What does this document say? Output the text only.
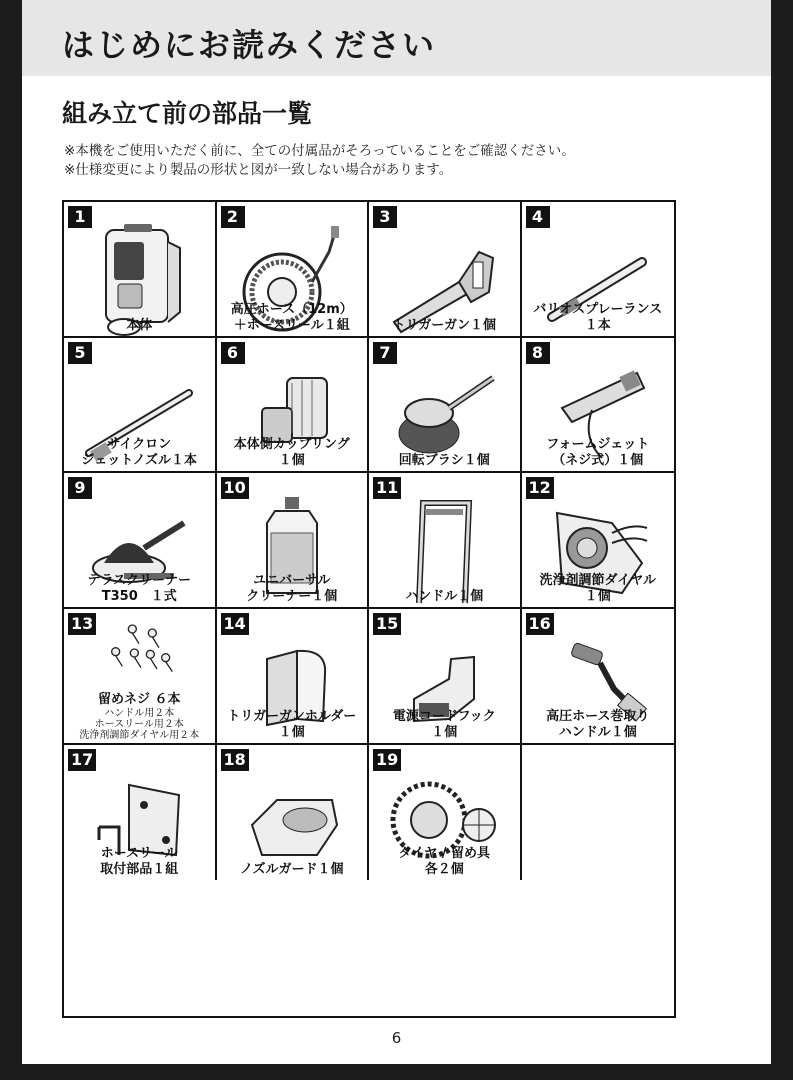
はじめにお読みください
組み立て前の部品一覧
※本機をご使用いただく前に、全ての付属品がそろっていることをご確認ください。
※仕様変更により製品の形状と図が一致しない場合があります。
1
本体
2
高圧ホース（12m）
＋ホースリール１組
3
トリガーガン１個
4
バリオスプレーランス
１本
5
サイクロン
ジェットノズル１本
6
本体側カップリング
１個
7
回転ブラシ１個
8
フォームジェット
（ネジ式）１個
9
テラスクリーナー
T350　１式
10
ユニバーサル
クリーナー１個
11
ハンドル１個
12
洗浄剤調節ダイヤル
１個
13
留めネジ ６本
ハンドル用２本
ホースリール用２本
洗浄剤調節ダイヤル用２本
14
トリガーガンホルダー
１個
15
電源コードフック
１個
16
高圧ホース巻取り
ハンドル１個
17
ホースリール
取付部品１組
18
ノズルガード１個
19
タイヤ / 留め具
各２個
6
